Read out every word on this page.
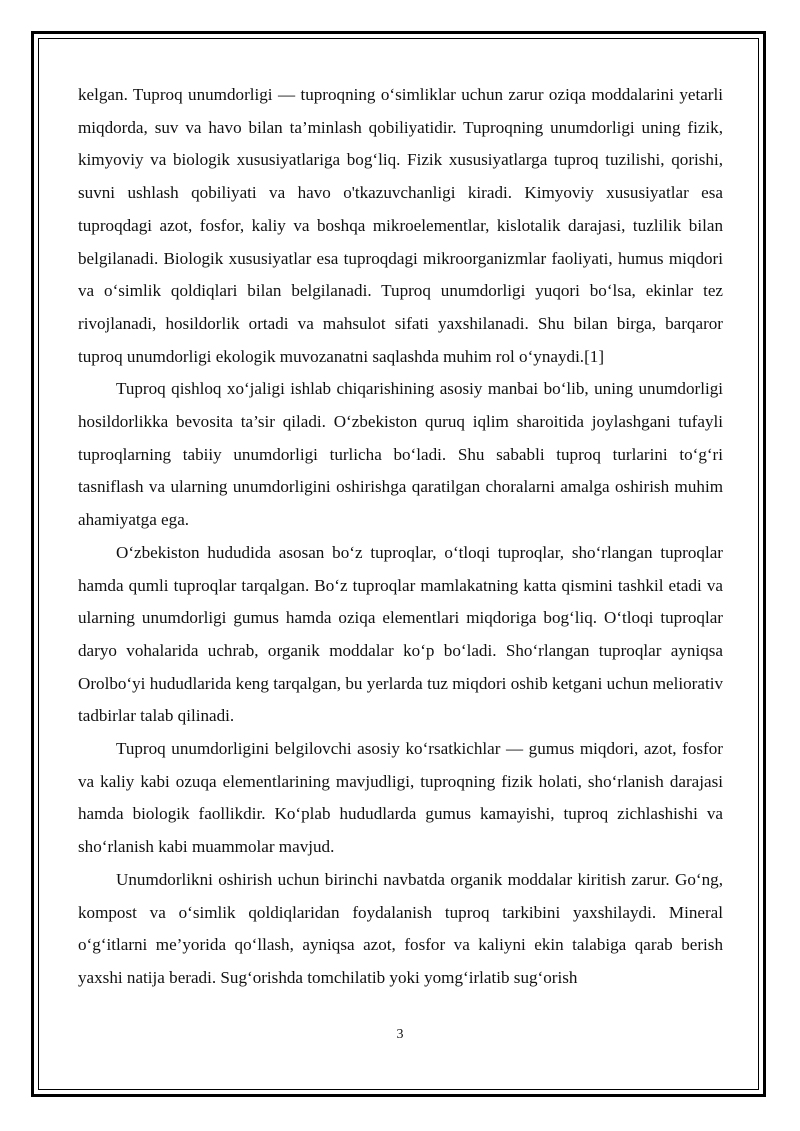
kelgan. Tuproq unumdorligi — tuproqning o‘simliklar uchun zarur oziqa moddalarini yetarli miqdorda, suv va havo bilan ta’minlash qobiliyatidir. Tuproqning unumdorligi uning fizik, kimyoviy va biologik xususiyatlariga bog‘liq. Fizik xususiyatlarga tuproq tuzilishi, qorishi, suvni ushlash qobiliyati va havo o'tkazuvchanligi kiradi. Kimyoviy xususiyatlar esa tuproqdagi azot, fosfor, kaliy va boshqa mikroelementlar, kislotalik darajasi, tuzlilik bilan belgilanadi. Biologik xususiyatlar esa tuproqdagi mikroorganizmlar faoliyati, humus miqdori va o‘simlik qoldiqlari bilan belgilanadi. Tuproq unumdorligi yuqori bo‘lsa, ekinlar tez rivojlanadi, hosildorlik ortadi va mahsulot sifati yaxshilanadi. Shu bilan birga, barqaror tuproq unumdorligi ekologik muvozanatni saqlashda muhim rol o‘ynaydi.[1]

Tuproq qishloq xo‘jaligi ishlab chiqarishining asosiy manbai bo‘lib, uning unumdorligi hosildorlikka bevosita ta’sir qiladi. O‘zbekiston quruq iqlim sharoitida joylashgani tufayli tuproqlarning tabiiy unumdorligi turlicha bo‘ladi. Shu sababli tuproq turlarini to‘g‘ri tasniflash va ularning unumdorligini oshirishga qaratilgan choralarni amalga oshirish muhim ahamiyatga ega.

O‘zbekiston hududida asosan bo‘z tuproqlar, o‘tloqi tuproqlar, sho‘rlangan tuproqlar hamda qumli tuproqlar tarqalgan. Bo‘z tuproqlar mamlakatning katta qismini tashkil etadi va ularning unumdorligi gumus hamda oziqa elementlari miqdoriga bog‘liq. O‘tloqi tuproqlar daryo vohalarida uchrab, organik moddalar ko‘p bo‘ladi. Sho‘rlangan tuproqlar ayniqsa Orolbo‘yi hududlarida keng tarqalgan, bu yerlarda tuz miqdori oshib ketgani uchun meliorativ tadbirlar talab qilinadi.

Tuproq unumdorligini belgilovchi asosiy ko‘rsatkichlar — gumus miqdori, azot, fosfor va kaliy kabi ozuqa elementlarining mavjudligi, tuproqning fizik holati, sho‘rlanish darajasi hamda biologik faollikdir. Ko‘plab hududlarda gumus kamayishi, tuproq zichlashishi va sho‘rlanish kabi muammolar mavjud.

Unumdorlikni oshirish uchun birinchi navbatda organik moddalar kiritish zarur. Go‘ng, kompost va o‘simlik qoldiqlaridan foydalanish tuproq tarkibini yaxshilaydi. Mineral o‘g‘itlarni me’yorida qo‘llash, ayniqsa azot, fosfor va kaliyni ekin talabiga qarab berish yaxshi natija beradi. Sug‘orishda tomchilatib yoki yomg‘irlatib sug‘orish

3
